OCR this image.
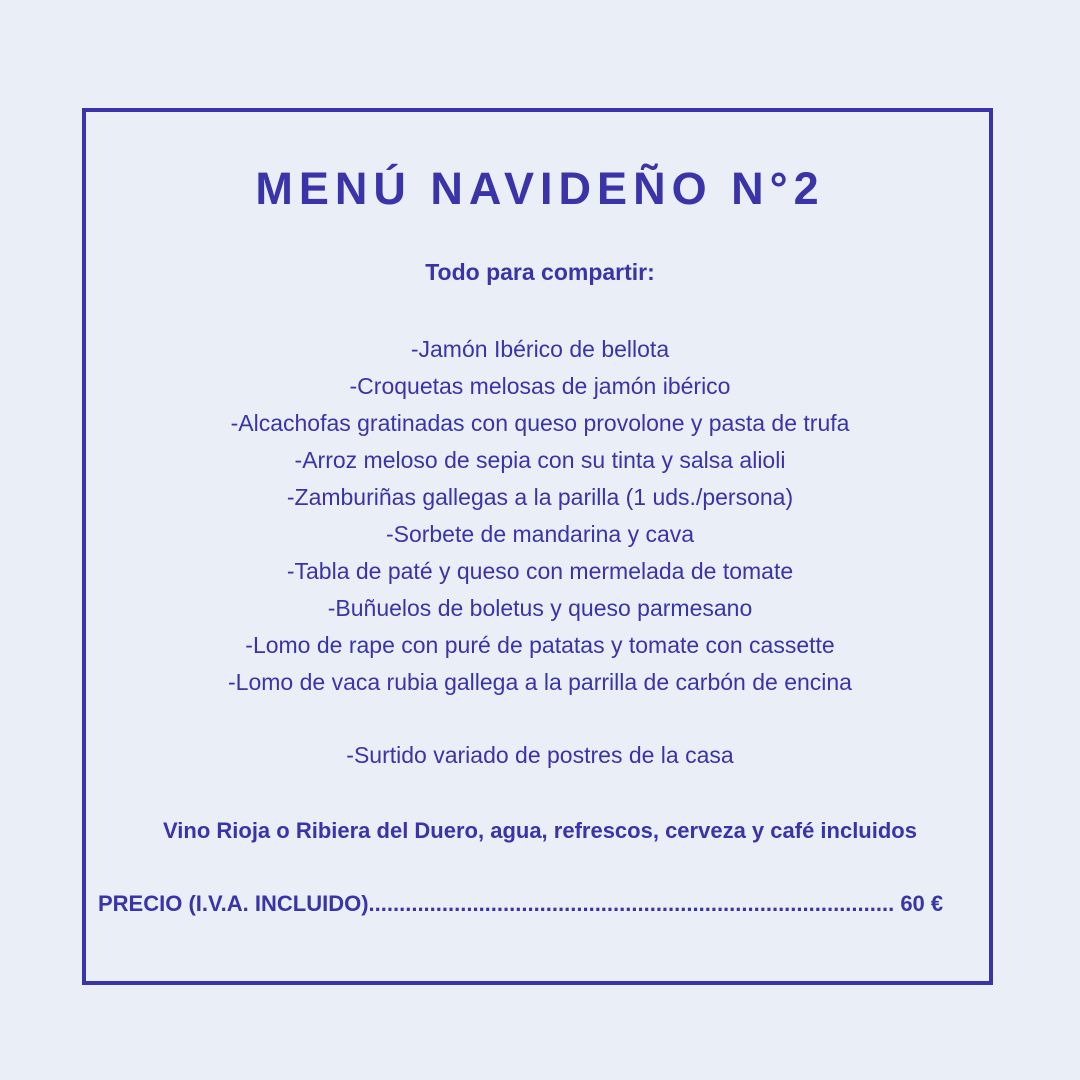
MENÚ NAVIDEÑO N°2
Todo para compartir:
-Jamón Ibérico de bellota
-Croquetas melosas de jamón ibérico
-Alcachofas gratinadas con queso provolone y pasta de trufa
-Arroz meloso de sepia con su tinta y salsa alioli
-Zamburiñas gallegas a la parilla (1 uds./persona)
-Sorbete de mandarina y cava
-Tabla de paté y queso con mermelada de tomate
-Buñuelos de boletus y queso parmesano
-Lomo de rape con puré de patatas y tomate con cassette
-Lomo de vaca rubia gallega a la parrilla de carbón de encina
-Surtido variado de postres de la casa
Vino Rioja o Ribiera del Duero, agua, refrescos, cerveza y café incluidos
PRECIO (I.V.A. INCLUIDO)...................................................................................... 60 €
